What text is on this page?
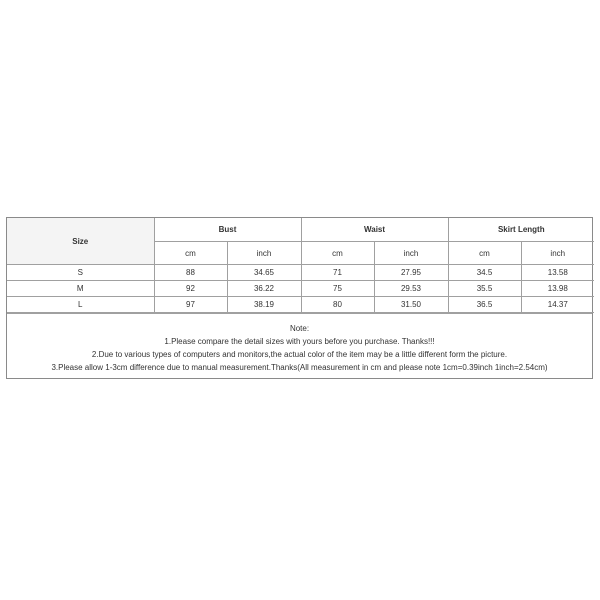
Size	Bust		Waist		Skirt Length	
	cm	inch	cm	inch	cm	inch
S	88	34.65	71	27.95	34.5	13.58
M	92	36.22	75	29.53	35.5	13.98
L	97	38.19	80	31.50	36.5	14.37
Note:
1.Please compare the detail sizes with yours before you purchase. Thanks!!!
2.Due to various types of computers and monitors,the actual color of the item may be a little different form the picture.
3.Please allow 1-3cm difference due to manual measurement.Thanks(All measurement in cm and please note 1cm=0.39inch 1inch=2.54cm)
